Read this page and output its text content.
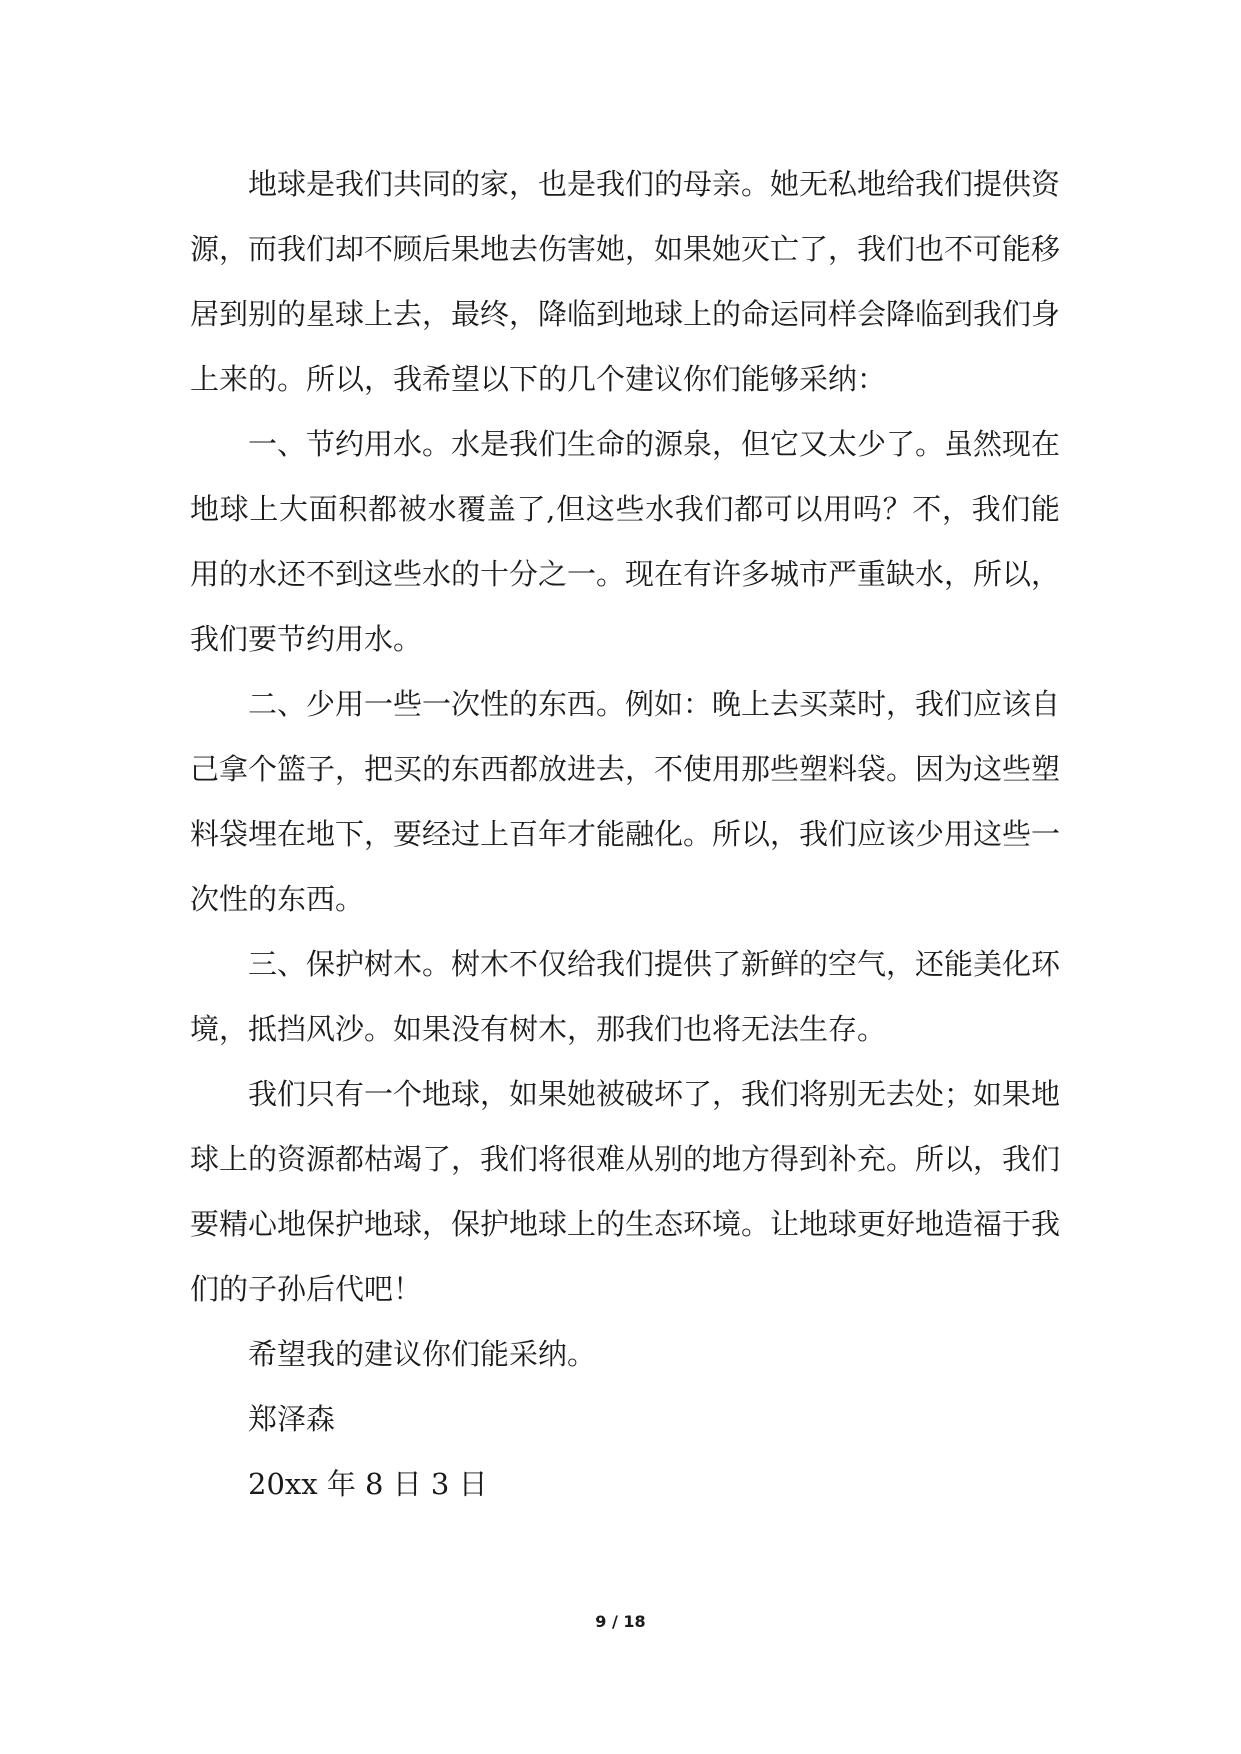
地球是我们共同的家，也是我们的母亲。她无私地给我们提供资源，而我们却不顾后果地去伤害她，如果她灭亡了，我们也不可能移居到别的星球上去，最终，降临到地球上的命运同样会降临到我们身上来的。所以，我希望以下的几个建议你们能够采纳：

一、节约用水。水是我们生命的源泉，但它又太少了。虽然现在地球上大面积都被水覆盖了,但这些水我们都可以用吗？不，我们能用的水还不到这些水的十分之一。现在有许多城市严重缺水，所以，我们要节约用水。

二、少用一些一次性的东西。例如：晚上去买菜时，我们应该自己拿个篮子，把买的东西都放进去，不使用那些塑料袋。因为这些塑料袋埋在地下，要经过上百年才能融化。所以，我们应该少用这些一次性的东西。

三、保护树木。树木不仅给我们提供了新鲜的空气，还能美化环境，抵挡风沙。如果没有树木，那我们也将无法生存。

我们只有一个地球，如果她被破坏了，我们将别无去处；如果地球上的资源都枯竭了，我们将很难从别的地方得到补充。所以，我们要精心地保护地球，保护地球上的生态环境。让地球更好地造福于我们的子孙后代吧！

希望我的建议你们能采纳。

郑泽森

20xx 年 8 日 3 日

9 / 18
